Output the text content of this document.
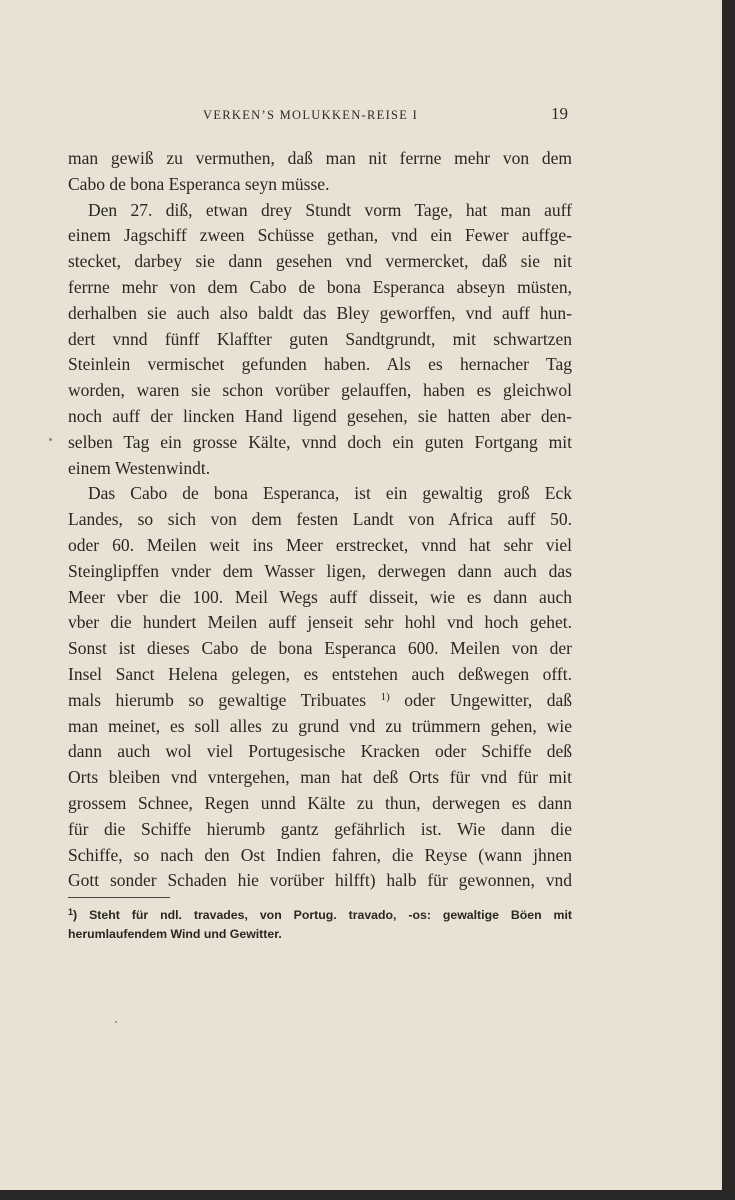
VERKEN’S MOLUKKEN-REISE I	19
man gewiß zu vermuthen, daß man nit ferrne mehr von dem
Cabo de bona Esperanca seyn müsse.
Den 27. diß, etwan drey Stundt vorm Tage, hat man auff
einem Jagschiff zween Schüsse gethan, vnd ein Fewer auffge-
stecket, darbey sie dann gesehen vnd vermercket, daß sie nit
ferrne mehr von dem Cabo de bona Esperanca abseyn müsten,
derhalben sie auch also baldt das Bley geworffen, vnd auff hun-
dert vnnd fünff Klaffter guten Sandtgrundt, mit schwartzen
Steinlein vermischet gefunden haben. Als es hernacher Tag
worden, waren sie schon vorüber gelauffen, haben es gleichwol
noch auff der lincken Hand ligend gesehen, sie hatten aber den-
selben Tag ein grosse Kälte, vnnd doch ein guten Fortgang mit
einem Westenwindt.
Das Cabo de bona Esperanca, ist ein gewaltig groß Eck
Landes, so sich von dem festen Landt von Africa auff 50.
oder 60. Meilen weit ins Meer erstrecket, vnnd hat sehr viel
Steinglipffen vnder dem Wasser ligen, derwegen dann auch das
Meer vber die 100. Meil Wegs auff disseit, wie es dann auch
vber die hundert Meilen auff jenseit sehr hohl vnd hoch gehet.
Sonst ist dieses Cabo de bona Esperanca 600. Meilen von der
Insel Sanct Helena gelegen, es entstehen auch deßwegen offt.
mals hierumb so gewaltige Tribuates $^{1)}$ oder Ungewitter, daß
man meinet, es soll alles zu grund vnd zu trümmern gehen, wie
dann auch wol viel Portugesische Kracken oder Schiffe deß
Orts bleiben vnd vntergehen, man hat deß Orts für vnd für mit
grossem Schnee, Regen unnd Kälte zu thun, derwegen es dann
für die Schiffe hierumb gantz gefährlich ist. Wie dann die
Schiffe, so nach den Ost Indien fahren, die Reyse (wann jhnen
Gott sonder Schaden hie vorüber hilfft) halb für gewonnen, vnd
$^1$) Steht für ndl. travades, von Portug. travado, -os: gewaltige Böen mit
herumlaufendem Wind und Gewitter.
